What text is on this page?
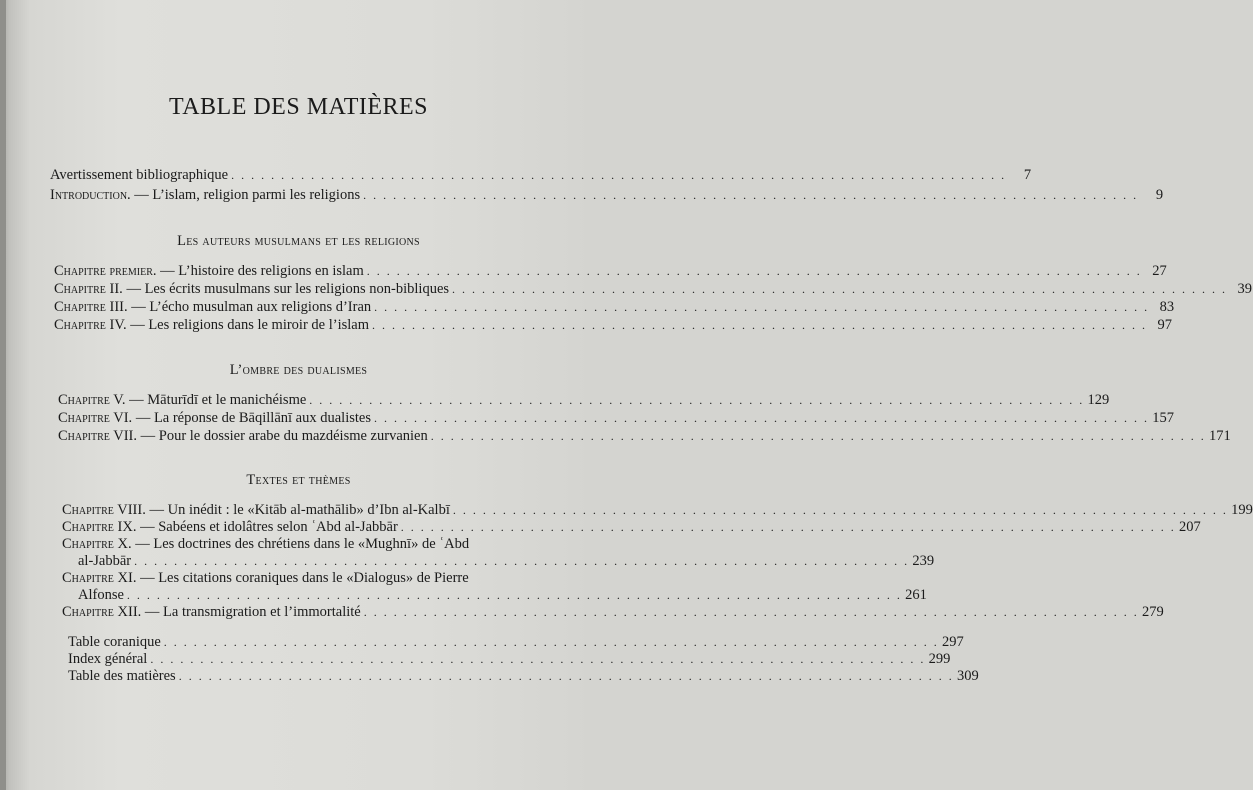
TABLE DES MATIÈRES
Avertissement bibliographique . . .	7
Introduction. — L’islam, religion parmi les religions . . .	9
Les auteurs musulmans et les religions
Chapitre premier. — L’histoire des religions en islam . . .	27
Chapitre II. — Les écrits musulmans sur les religions non-bibliques . . .	39
Chapitre III. — L’écho musulman aux religions d’Iran . . .	83
Chapitre IV. — Les religions dans le miroir de l’islam . . .	97
L’ombre des dualismes
Chapitre V. — Māturīdī et le manichéisme . . .	129
Chapitre VI. — La réponse de Bāqillānī aux dualistes . . .	157
Chapitre VII. — Pour le dossier arabe du mazdéisme zurvanien . . .	171
Textes et thèmes
Chapitre VIII. — Un inédit : le «Kitāb al-mathālib» d’Ibn al-Kalbī . . .	199
Chapitre IX. — Sabéens et idolâtres selon ʿAbd al-Jabbār . . .	207
Chapitre X. — Les doctrines des chrétiens dans le «Mughnī» de ʿAbd
al-Jabbār . . .	239
Chapitre XI. — Les citations coraniques dans le «Dialogus» de Pierre
Alfonse . . .	261
Chapitre XII. — La transmigration et l’immortalité . . .	279
Table coranique . . .	297
Index général . . .	299
Table des matières . . .	309
